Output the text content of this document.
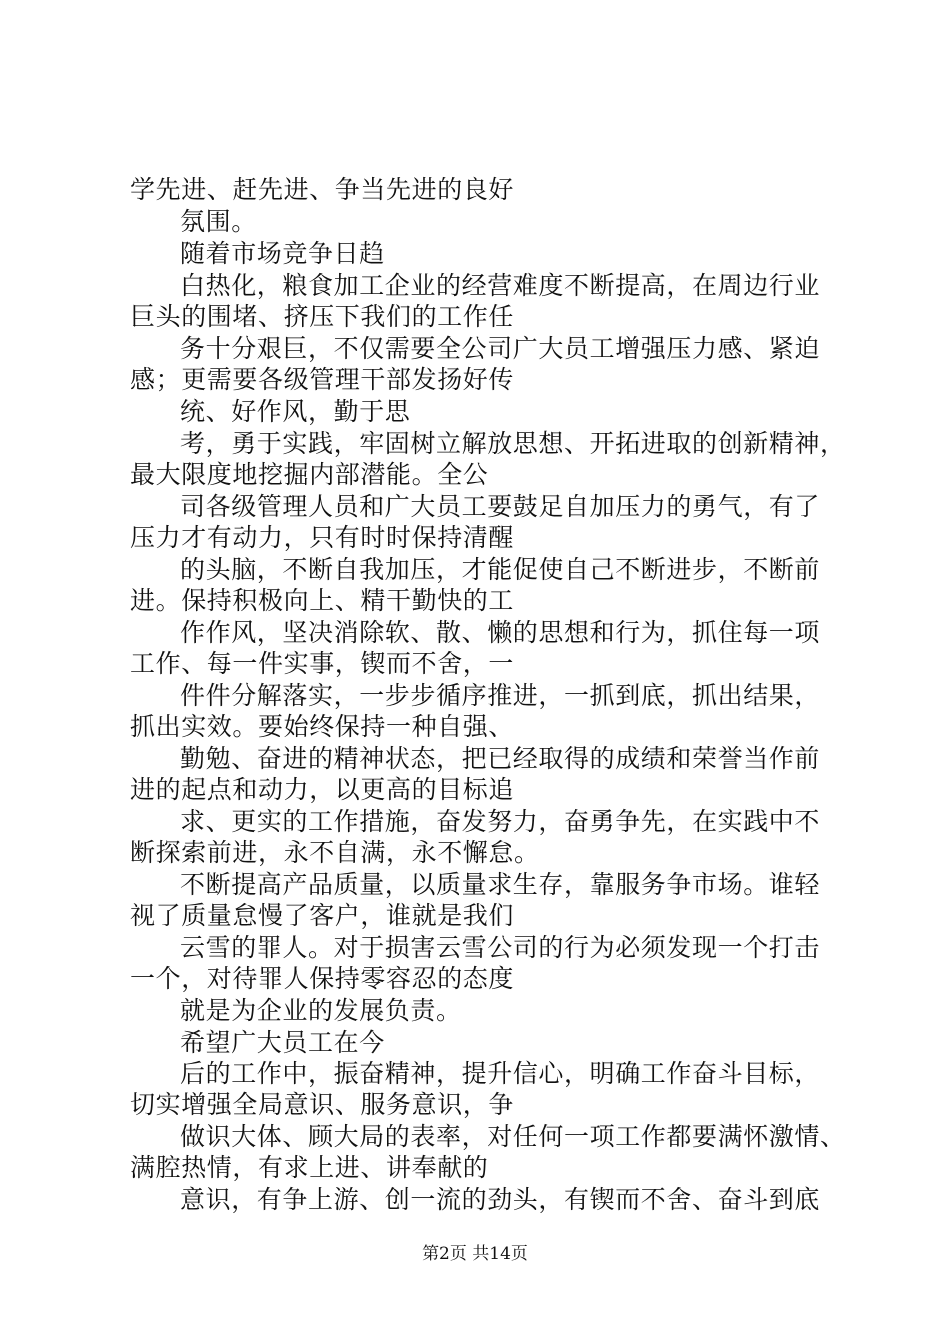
学先进、赶先进、争当先进的良好
氛围。
随着市场竞争日趋
白热化，粮食加工企业的经营难度不断提高，在周边行业
巨头的围堵、挤压下我们的工作任
务十分艰巨，不仅需要全公司广大员工增强压力感、紧迫
感；更需要各级管理干部发扬好传
统、好作风，勤于思
考，勇于实践，牢固树立解放思想、开拓进取的创新精神，
最大限度地挖掘内部潜能。全公
司各级管理人员和广大员工要鼓足自加压力的勇气，有了
压力才有动力，只有时时保持清醒
的头脑，不断自我加压，才能促使自己不断进步，不断前
进。保持积极向上、精干勤快的工
作作风，坚决消除软、散、懒的思想和行为，抓住每一项
工作、每一件实事，锲而不舍，一
件件分解落实，一步步循序推进，一抓到底，抓出结果，
抓出实效。要始终保持一种自强、
勤勉、奋进的精神状态，把已经取得的成绩和荣誉当作前
进的起点和动力，以更高的目标追
求、更实的工作措施，奋发努力，奋勇争先，在实践中不
断探索前进，永不自满，永不懈怠。
不断提高产品质量，以质量求生存，靠服务争市场。谁轻
视了质量怠慢了客户，谁就是我们
云雪的罪人。对于损害云雪公司的行为必须发现一个打击
一个，对待罪人保持零容忍的态度
就是为企业的发展负责。
希望广大员工在今
后的工作中，振奋精神，提升信心，明确工作奋斗目标，
切实增强全局意识、服务意识，争
做识大体、顾大局的表率，对任何一项工作都要满怀激情、
满腔热情，有求上进、讲奉献的
意识，有争上游、创一流的劲头，有锲而不舍、奋斗到底
第2页 共14页
